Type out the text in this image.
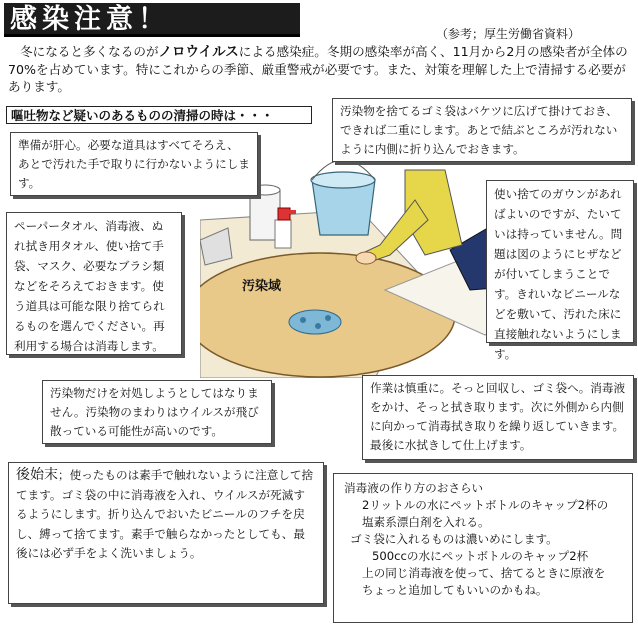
感染注意！	（参考；厚生労働省資料）
冬になると多くなるのがノロウイルスによる感染症。冬期の感染率が高く、11月から2月の感染者が全体の70%を占めています。特にこれからの季節、厳重警戒が必要です。また、対策を理解した上で清掃する必要があります。
嘔吐物など疑いのあるものの清掃の時は・・・
汚染域

準備が肝心。必要な道具はすべてそろえ、あとで汚れた手で取りに行かないようにします。

汚染物を捨てるゴミ袋はバケツに広げて掛けておき、できれば二重にします。あとで結ぶところが汚れないように内側に折り込んでおきます。

ペーパータオル、消毒液、ぬれ拭き用タオル、使い捨て手袋、マスク、必要なブラシ類などをそろえておきます。使う道具は可能な限り捨てられるものを選んでください。再利用する場合は消毒します。

使い捨てのガウンがあればよいのですが、たいていは持っていません。問題は図のようにヒザなどが付いてしまうことです。きれいなビニールなどを敷いて、汚れた床に直接触れないようにします。

汚染物だけを対処しようとしてはなりません。汚染物のまわりはウイルスが飛び散っている可能性が高いのです。

作業は慎重に。そっと回収し、ゴミ袋へ。消毒液をかけ、そっと拭き取ります。次に外側から内側に向かって消毒拭き取りを繰り返していきます。最後に水拭きして仕上げます。

後始末；使ったものは素手で触れないように注意して捨てます。ゴミ袋の中に消毒液を入れ、ウイルスが死滅するようにします。折り込んでおいたビニールのフチを戻し、縛って捨てます。素手で触らなかったとしても、最後には必ず手をよく洗いましょう。

消毒液の作り方のおさらい
2リットルの水にペットボトルのキャップ2杯の
塩素系漂白剤を入れる。
ゴミ袋に入れるものは濃いめにします。
500ccの水にペットボトルのキャップ2杯
上の同じ消毒液を使って、捨てるときに原液を
ちょっと追加してもいいのかもね。
